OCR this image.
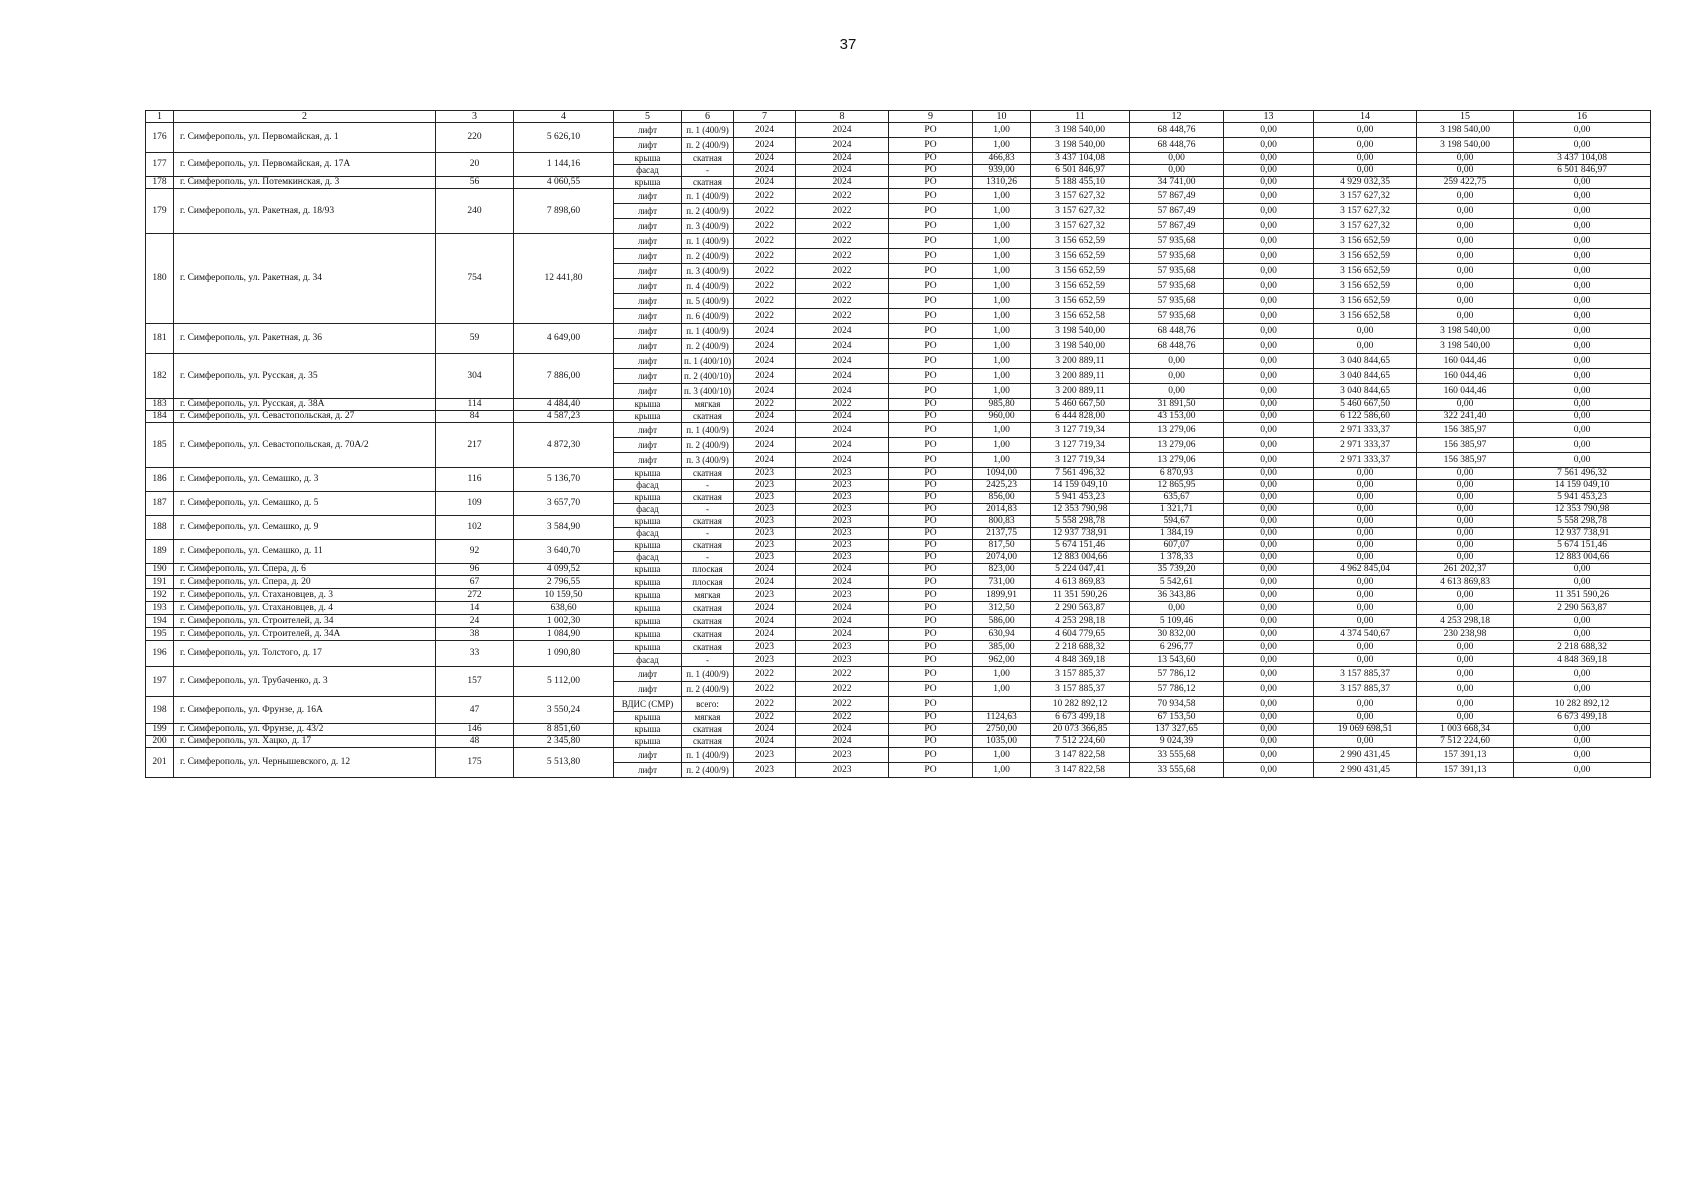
37
1	2	3	4	5	6	7	8	9	10	11	12	13	14	15	16
176	г. Симферополь, ул. Первомайская, д. 1	220	5 626,10	лифт	п. 1 (400/9)	2024	2024	РО	1,00	3 198 540,00	68 448,76	0,00	0,00	3 198 540,00	0,00
				лифт	п. 2 (400/9)	2024	2024	РО	1,00	3 198 540,00	68 448,76	0,00	0,00	3 198 540,00	0,00
177	г. Симферополь, ул. Первомайская, д. 17А	20	1 144,16	крыша	скатная	2024	2024	РО	466,83	3 437 104,08	0,00	0,00	0,00	0,00	3 437 104,08
				фасад	-	2024	2024	РО	939,00	6 501 846,97	0,00	0,00	0,00	0,00	6 501 846,97
178	г. Симферополь, ул. Потемкинская, д. 3	56	4 060,55	крыша	скатная	2024	2024	РО	1310,26	5 188 455,10	34 741,00	0,00	4 929 032,35	259 422,75	0,00
179	г. Симферополь, ул. Ракетная, д. 18/93	240	7 898,60	лифт	п. 1 (400/9)	2022	2022	РО	1,00	3 157 627,32	57 867,49	0,00	3 157 627,32	0,00	0,00
				лифт	п. 2 (400/9)	2022	2022	РО	1,00	3 157 627,32	57 867,49	0,00	3 157 627,32	0,00	0,00
				лифт	п. 3 (400/9)	2022	2022	РО	1,00	3 157 627,32	57 867,49	0,00	3 157 627,32	0,00	0,00
180	г. Симферополь, ул. Ракетная, д. 34	754	12 441,80	лифт	п. 1 (400/9)	2022	2022	РО	1,00	3 156 652,59	57 935,68	0,00	3 156 652,59	0,00	0,00
				лифт	п. 2 (400/9)	2022	2022	РО	1,00	3 156 652,59	57 935,68	0,00	3 156 652,59	0,00	0,00
				лифт	п. 3 (400/9)	2022	2022	РО	1,00	3 156 652,59	57 935,68	0,00	3 156 652,59	0,00	0,00
				лифт	п. 4 (400/9)	2022	2022	РО	1,00	3 156 652,59	57 935,68	0,00	3 156 652,59	0,00	0,00
				лифт	п. 5 (400/9)	2022	2022	РО	1,00	3 156 652,59	57 935,68	0,00	3 156 652,59	0,00	0,00
				лифт	п. 6 (400/9)	2022	2022	РО	1,00	3 156 652,58	57 935,68	0,00	3 156 652,58	0,00	0,00
181	г. Симферополь, ул. Ракетная, д. 36	59	4 649,00	лифт	п. 1 (400/9)	2024	2024	РО	1,00	3 198 540,00	68 448,76	0,00	0,00	3 198 540,00	0,00
				лифт	п. 2 (400/9)	2024	2024	РО	1,00	3 198 540,00	68 448,76	0,00	0,00	3 198 540,00	0,00
182	г. Симферополь, ул. Русская, д. 35	304	7 886,00	лифт	п. 1 (400/10)	2024	2024	РО	1,00	3 200 889,11	0,00	0,00	3 040 844,65	160 044,46	0,00
				лифт	п. 2 (400/10)	2024	2024	РО	1,00	3 200 889,11	0,00	0,00	3 040 844,65	160 044,46	0,00
				лифт	п. 3 (400/10)	2024	2024	РО	1,00	3 200 889,11	0,00	0,00	3 040 844,65	160 044,46	0,00
183	г. Симферополь, ул. Русская, д. 38А	114	4 484,40	крыша	мягкая	2022	2022	РО	985,80	5 460 667,50	31 891,50	0,00	5 460 667,50	0,00	0,00
184	г. Симферополь, ул. Севастопольская, д. 27	84	4 587,23	крыша	скатная	2024	2024	РО	960,00	6 444 828,00	43 153,00	0,00	6 122 586,60	322 241,40	0,00
185	г. Симферополь, ул. Севастопольская, д. 70А/2	217	4 872,30	лифт	п. 1 (400/9)	2024	2024	РО	1,00	3 127 719,34	13 279,06	0,00	2 971 333,37	156 385,97	0,00
				лифт	п. 2 (400/9)	2024	2024	РО	1,00	3 127 719,34	13 279,06	0,00	2 971 333,37	156 385,97	0,00
				лифт	п. 3 (400/9)	2024	2024	РО	1,00	3 127 719,34	13 279,06	0,00	2 971 333,37	156 385,97	0,00
186	г. Симферополь, ул. Семашко, д. 3	116	5 136,70	крыша	скатная	2023	2023	РО	1094,00	7 561 496,32	6 870,93	0,00	0,00	0,00	7 561 496,32
				фасад	-	2023	2023	РО	2425,23	14 159 049,10	12 865,95	0,00	0,00	0,00	14 159 049,10
187	г. Симферополь, ул. Семашко, д. 5	109	3 657,70	крыша	скатная	2023	2023	РО	856,00	5 941 453,23	635,67	0,00	0,00	0,00	5 941 453,23
				фасад	-	2023	2023	РО	2014,83	12 353 790,98	1 321,71	0,00	0,00	0,00	12 353 790,98
188	г. Симферополь, ул. Семашко, д. 9	102	3 584,90	крыша	скатная	2023	2023	РО	800,83	5 558 298,78	594,67	0,00	0,00	0,00	5 558 298,78
				фасад	-	2023	2023	РО	2137,75	12 937 738,91	1 384,19	0,00	0,00	0,00	12 937 738,91
189	г. Симферополь, ул. Семашко, д. 11	92	3 640,70	крыша	скатная	2023	2023	РО	817,50	5 674 151,46	607,07	0,00	0,00	0,00	5 674 151,46
				фасад	-	2023	2023	РО	2074,00	12 883 004,66	1 378,33	0,00	0,00	0,00	12 883 004,66
190	г. Симферополь, ул. Спера, д. 6	96	4 099,52	крыша	плоская	2024	2024	РО	823,00	5 224 047,41	35 739,20	0,00	4 962 845,04	261 202,37	0,00
191	г. Симферополь, ул. Спера, д. 20	67	2 796,55	крыша	плоская	2024	2024	РО	731,00	4 613 869,83	5 542,61	0,00	0,00	4 613 869,83	0,00
192	г. Симферополь, ул. Стахановцев, д. 3	272	10 159,50	крыша	мягкая	2023	2023	РО	1899,91	11 351 590,26	36 343,86	0,00	0,00	0,00	11 351 590,26
193	г. Симферополь, ул. Стахановцев, д. 4	14	638,60	крыша	скатная	2024	2024	РО	312,50	2 290 563,87	0,00	0,00	0,00	0,00	2 290 563,87
194	г. Симферополь, ул. Строителей, д. 34	24	1 002,30	крыша	скатная	2024	2024	РО	586,00	4 253 298,18	5 109,46	0,00	0,00	4 253 298,18	0,00
195	г. Симферополь, ул. Строителей, д. 34А	38	1 084,90	крыша	скатная	2024	2024	РО	630,94	4 604 779,65	30 832,00	0,00	4 374 540,67	230 238,98	0,00
196	г. Симферополь, ул. Толстого, д. 17	33	1 090,80	крыша	скатная	2023	2023	РО	385,00	2 218 688,32	6 296,77	0,00	0,00	0,00	2 218 688,32
				фасад	-	2023	2023	РО	962,00	4 848 369,18	13 543,60	0,00	0,00	0,00	4 848 369,18
197	г. Симферополь, ул. Трубаченко, д. 3	157	5 112,00	лифт	п. 1 (400/9)	2022	2022	РО	1,00	3 157 885,37	57 786,12	0,00	3 157 885,37	0,00	0,00
				лифт	п. 2 (400/9)	2022	2022	РО	1,00	3 157 885,37	57 786,12	0,00	3 157 885,37	0,00	0,00
198	г. Симферополь, ул. Фрунзе, д. 16А	47	3 550,24	ВДИС (СМР)	всего:	2022	2022	РО		10 282 892,12	70 934,58	0,00	0,00	0,00	10 282 892,12
				крыша	мягкая	2022	2022	РО	1124,63	6 673 499,18	67 153,50	0,00	0,00	0,00	6 673 499,18
199	г. Симферополь, ул. Фрунзе, д. 43/2	146	8 851,60	крыша	скатная	2024	2024	РО	2750,00	20 073 366,85	137 327,65	0,00	19 069 698,51	1 003 668,34	0,00
200	г. Симферополь, ул. Хацко, д. 17	48	2 345,80	крыша	скатная	2024	2024	РО	1035,00	7 512 224,60	9 024,39	0,00	0,00	7 512 224,60	0,00
201	г. Симферополь, ул. Чернышевского, д. 12	175	5 513,80	лифт	п. 1 (400/9)	2023	2023	РО	1,00	3 147 822,58	33 555,68	0,00	2 990 431,45	157 391,13	0,00
				лифт	п. 2 (400/9)	2023	2023	РО	1,00	3 147 822,58	33 555,68	0,00	2 990 431,45	157 391,13	0,00
